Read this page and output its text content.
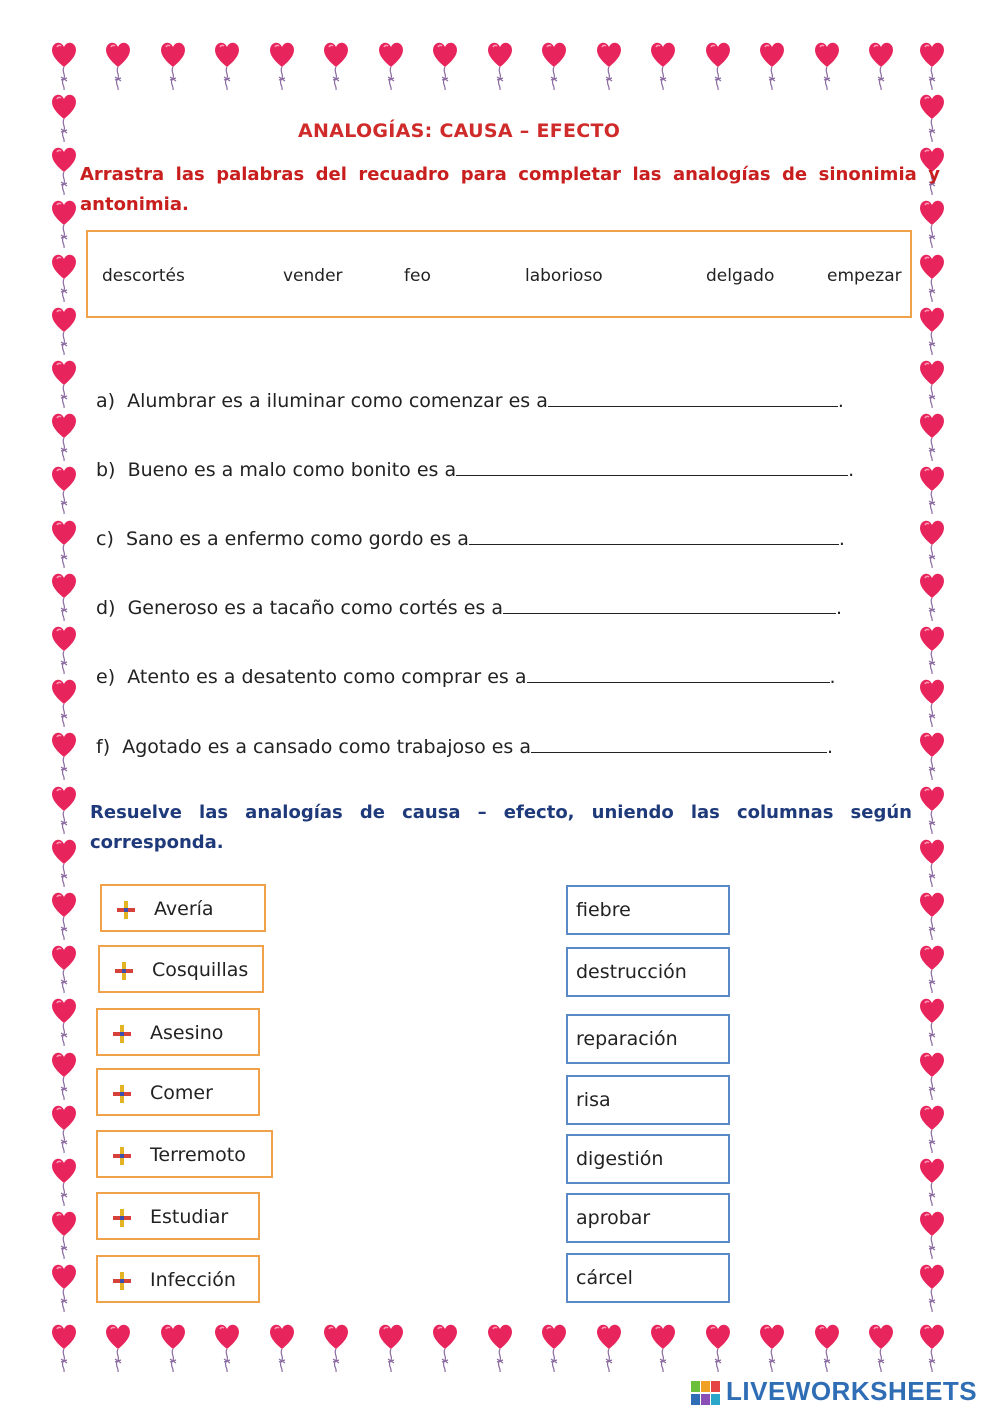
ANALOGÍAS: CAUSA – EFECTO

Arrastra las palabras del recuadro para completar las analogías de sinonimia y antonimia.

descortés	vender	feo	laborioso	delgado	empezar
a) Alumbrar es a iluminar como comenzar es a	.
b) Bueno es a malo como bonito es a	.
c) Sano es a enfermo como gordo es a	.
d) Generoso es a tacaño como cortés es a	.
e) Atento es a desatento como comprar es a	.
f) Agotado es a cansado como trabajoso es a	.

Resuelve las analogías de causa – efecto, uniendo las columnas según corresponda.

Avería
Cosquillas
Asesino
Comer
Terremoto
Estudiar
Infección
fiebre
destrucción
reparación
risa
digestión
aprobar
cárcel
LIVEWORKSHEETS
